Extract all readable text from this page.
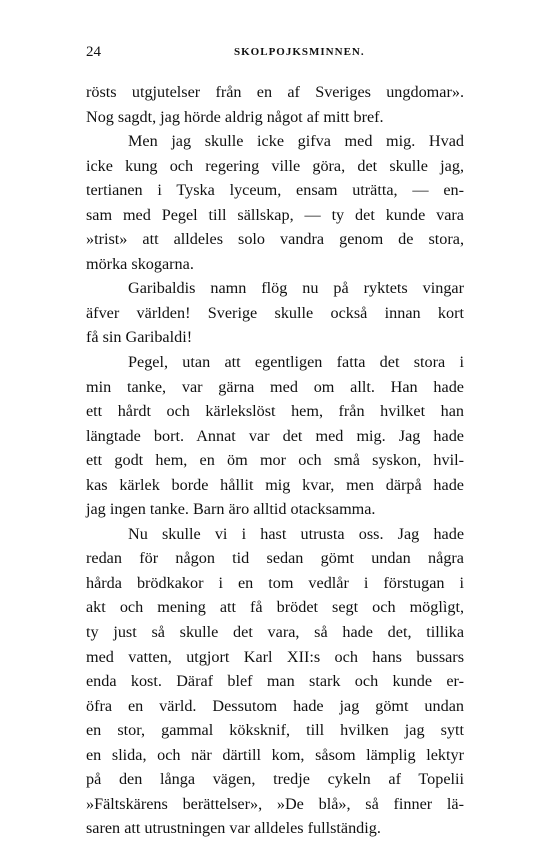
24	SKOLPOJKSMINNEN.
rösts utgjutelser från en af Sveriges ungdomar».
Nog sagdt, jag hörde aldrig något af mitt bref.
Men jag skulle icke gifva med mig. Hvad
icke kung och regering ville göra, det skulle jag,
tertianen i Tyska lyceum, ensam uträtta, — en-
sam med Pegel till sällskap, — ty det kunde vara
»trist» att alldeles solo vandra genom de stora,
mörka skogarna.
Garibaldis namn flög nu på ryktets vingar
äfver världen! Sverige skulle också innan kort
få sin Garibaldi!
Pegel, utan att egentligen fatta det stora i
min tanke, var gärna med om allt. Han hade
ett hårdt och kärlekslöst hem, från hvilket han
längtade bort. Annat var det med mig. Jag hade
ett godt hem, en öm mor och små syskon, hvil-
kas kärlek borde hållit mig kvar, men därpå hade
jag ingen tanke. Barn äro alltid otacksamma.
Nu skulle vi i hast utrusta oss. Jag hade
redan för någon tid sedan gömt undan några
hårda brödkakor i en tom vedlår i förstugan i
akt och mening att få brödet segt och möglìgt,
ty just så skulle det vara, så hade det, tillika
med vatten, utgjort Karl XII:s och hans bussars
enda kost. Däraf blef man stark och kunde er-
öfra en värld. Dessutom hade jag gömt undan
en stor, gammal köksknif, till hvilken jag sytt
en slida, och när därtill kom, såsom lämplig lektyr
på den långa vägen, tredje cykeln af Topelii
»Fältskärens berättelser», »De blå», så finner lä-
saren att utrustningen var alldeles fullständig.
